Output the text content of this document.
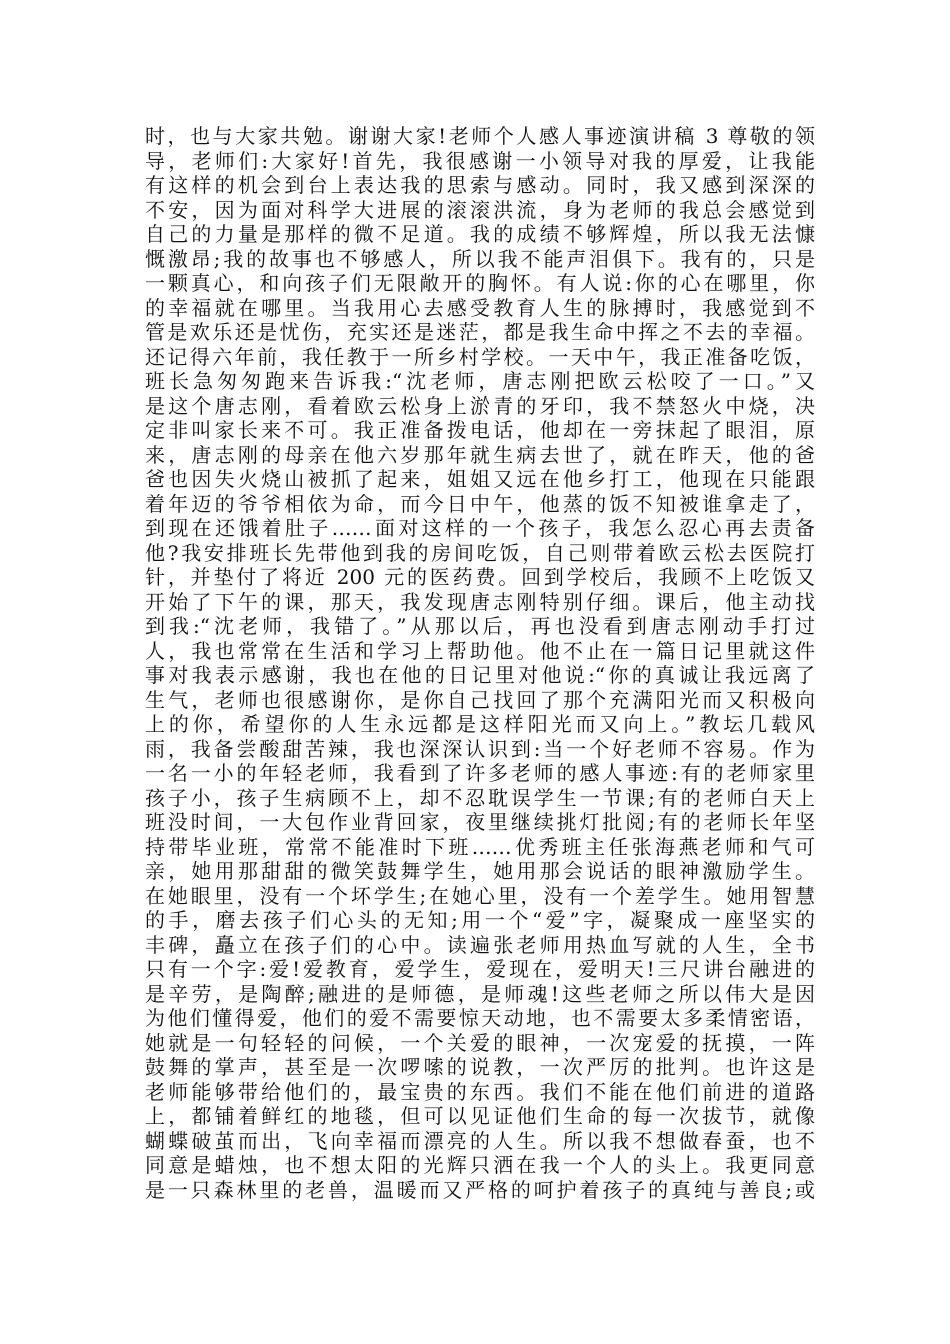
时，也与大家共勉。谢谢大家!老师个人感人事迹演讲稿 3 尊敬的领
导，老师们:大家好!首先，我很感谢一小领导对我的厚爱，让我能
有这样的机会到台上表达我的思索与感动。同时，我又感到深深的
不安，因为面对科学大进展的滚滚洪流，身为老师的我总会感觉到
自己的力量是那样的微不足道。我的成绩不够辉煌，所以我无法慷
慨激昂;我的故事也不够感人，所以我不能声泪俱下。我有的，只是
一颗真心，和向孩子们无限敞开的胸怀。有人说:你的心在哪里，你
的幸福就在哪里。当我用心去感受教育人生的脉搏时，我感觉到不
管是欢乐还是忧伤，充实还是迷茫，都是我生命中挥之不去的幸福。
还记得六年前，我任教于一所乡村学校。一天中午，我正准备吃饭，
班长急匆匆跑来告诉我:“沈老师，唐志刚把欧云松咬了一口。”又
是这个唐志刚，看着欧云松身上淤青的牙印，我不禁怒火中烧，决
定非叫家长来不可。我正准备拨电话，他却在一旁抹起了眼泪，原
来，唐志刚的母亲在他六岁那年就生病去世了，就在昨天，他的爸
爸也因失火烧山被抓了起来，姐姐又远在他乡打工，他现在只能跟
着年迈的爷爷相依为命，而今日中午，他蒸的饭不知被谁拿走了，
到现在还饿着肚子……面对这样的一个孩子，我怎么忍心再去责备
他?我安排班长先带他到我的房间吃饭，自己则带着欧云松去医院打
针，并垫付了将近 200 元的医药费。回到学校后，我顾不上吃饭又
开始了下午的课，那天，我发现唐志刚特别仔细。课后，他主动找
到我:“沈老师，我错了。”从那以后，再也没看到唐志刚动手打过
人，我也常常在生活和学习上帮助他。他不止在一篇日记里就这件
事对我表示感谢，我也在他的日记里对他说:“你的真诚让我远离了
生气，老师也很感谢你，是你自己找回了那个充满阳光而又积极向
上的你，希望你的人生永远都是这样阳光而又向上。”教坛几载风
雨，我备尝酸甜苦辣，我也深深认识到:当一个好老师不容易。作为
一名一小的年轻老师，我看到了许多老师的感人事迹:有的老师家里
孩子小，孩子生病顾不上，却不忍耽误学生一节课;有的老师白天上
班没时间，一大包作业背回家，夜里继续挑灯批阅;有的老师长年坚
持带毕业班，常常不能准时下班……优秀班主任张海燕老师和气可
亲，她用那甜甜的微笑鼓舞学生，她用那会说话的眼神激励学生。
在她眼里，没有一个坏学生;在她心里，没有一个差学生。她用智慧
的手，磨去孩子们心头的无知;用一个“爱”字，凝聚成一座坚实的
丰碑，矗立在孩子们的心中。读遍张老师用热血写就的人生，全书
只有一个字:爱!爱教育，爱学生，爱现在，爱明天!三尺讲台融进的
是辛劳，是陶醉;融进的是师德，是师魂!这些老师之所以伟大是因
为他们懂得爱，他们的爱不需要惊天动地，也不需要太多柔情密语，
她就是一句轻轻的问候，一个关爱的眼神，一次宠爱的抚摸，一阵
鼓舞的掌声，甚至是一次啰嗦的说教，一次严厉的批判。也许这是
老师能够带给他们的，最宝贵的东西。我们不能在他们前进的道路
上，都铺着鲜红的地毯，但可以见证他们生命的每一次拔节，就像
蝴蝶破茧而出，飞向幸福而漂亮的人生。所以我不想做春蚕，也不
同意是蜡烛，也不想太阳的光辉只洒在我一个人的头上。我更同意
是一只森林里的老兽，温暖而又严格的呵护着孩子的真纯与善良;或
